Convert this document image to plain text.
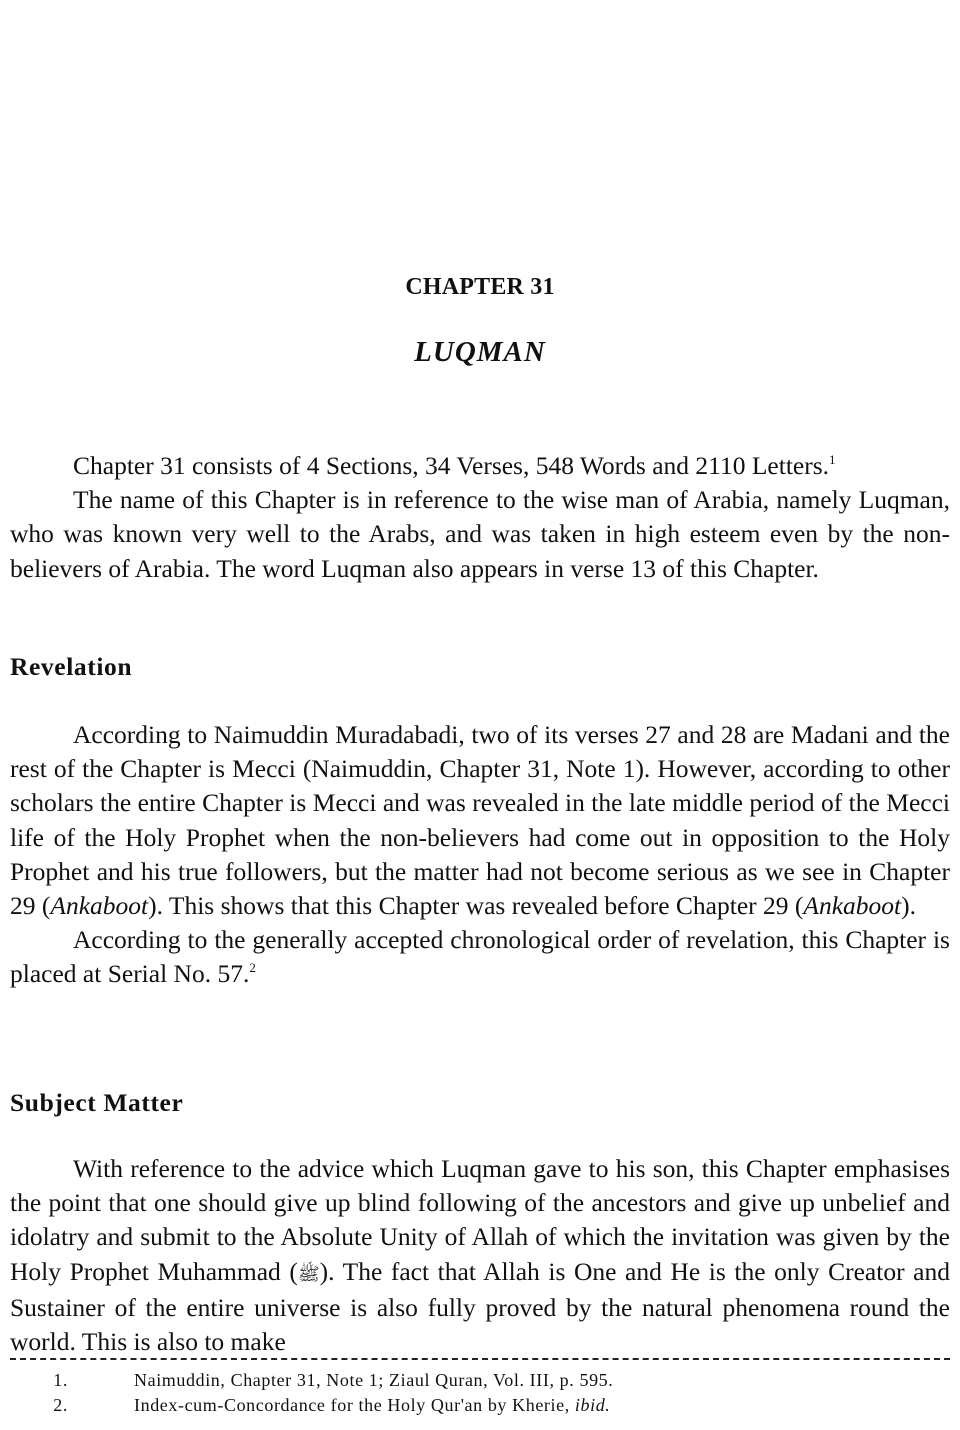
CHAPTER 31
LUQMAN

Chapter 31 consists of 4 Sections, 34 Verses, 548 Words and 2110 Letters.$^1$

The name of this Chapter is in reference to the wise man of Arabia, namely Luqman, who was known very well to the Arabs, and was taken in high esteem even by the non-believers of Arabia. The word Luqman also appears in verse 13 of this Chapter.

Revelation

According to Naimuddin Muradabadi, two of its verses 27 and 28 are Madani and the rest of the Chapter is Mecci (Naimuddin, Chapter 31, Note 1). However, according to other scholars the entire Chapter is Mecci and was revealed in the late middle period of the Mecci life of the Holy Prophet when the non-believers had come out in opposition to the Holy Prophet and his true followers, but the matter had not become serious as we see in Chapter 29 (Ankaboot). This shows that this Chapter was revealed before Chapter 29 (Ankaboot).

According to the generally accepted chronological order of revelation, this Chapter is placed at Serial No. 57.$^2$

Subject Matter

With reference to the advice which Luqman gave to his son, this Chapter emphasises the point that one should give up blind following of the ancestors and give up unbelief and idolatry and submit to the Absolute Unity of Allah of which the invitation was given by the Holy Prophet Muhammad (ﷺ). The fact that Allah is One and He is the only Creator and Sustainer of the entire universe is also fully proved by the natural phenomena round the world. This is also to make

1.	Naimuddin, Chapter 31, Note 1; Ziaul Quran, Vol. III, p. 595.
2.	Index-cum-Concordance for the Holy Qur'an by Kherie, ibid.
